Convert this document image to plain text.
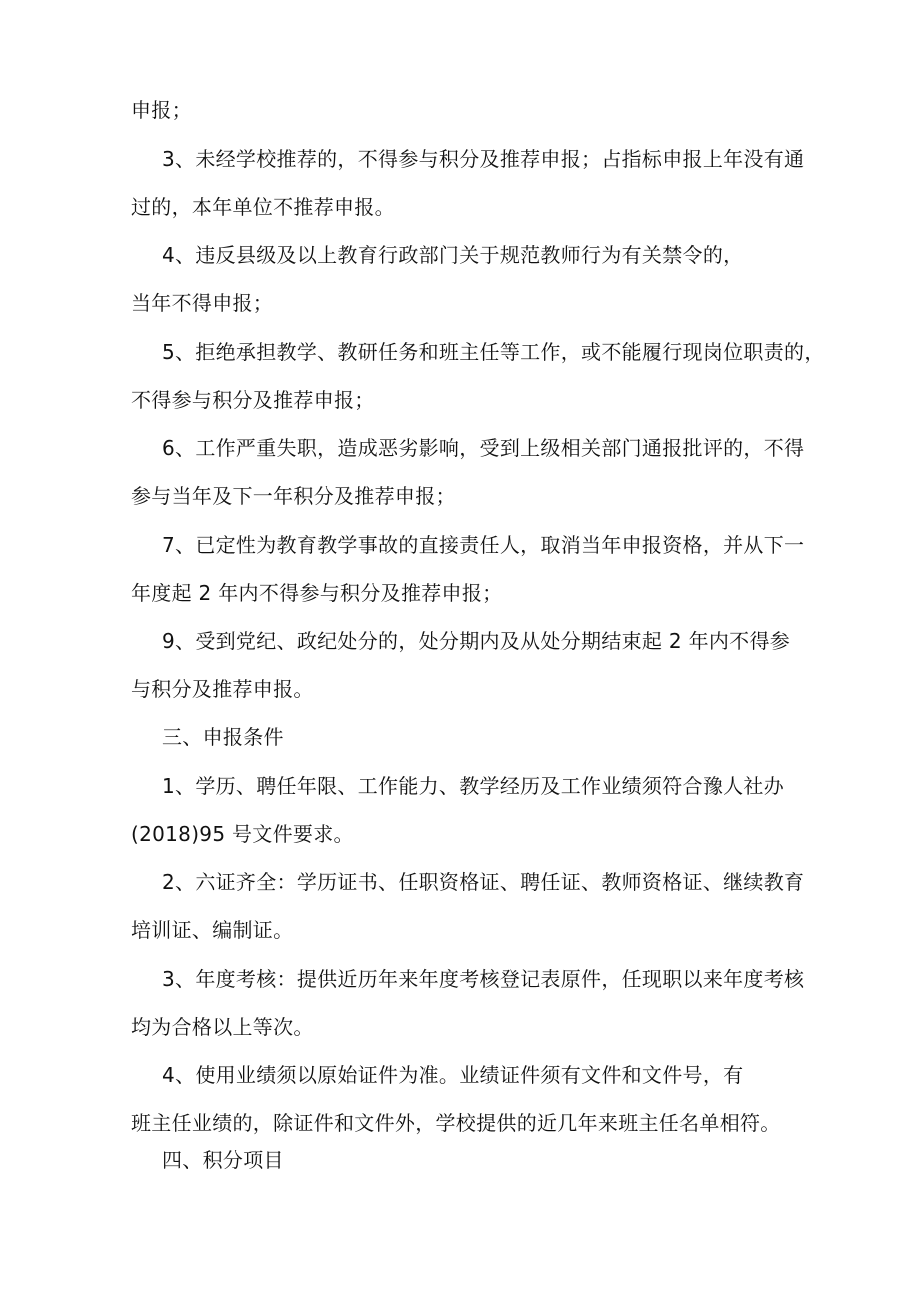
申报；
3、未经学校推荐的，不得参与积分及推荐申报；占指标申报上年没有通
过的，本年单位不推荐申报。
4、违反县级及以上教育行政部门关于规范教师行为有关禁令的，
当年不得申报；
5、拒绝承担教学、教研任务和班主任等工作，或不能履行现岗位职责的，
不得参与积分及推荐申报；
6、工作严重失职，造成恶劣影响，受到上级相关部门通报批评的，不得
参与当年及下一年积分及推荐申报；
7、已定性为教育教学事故的直接责任人，取消当年申报资格，并从下一
年度起 2 年内不得参与积分及推荐申报；
9、受到党纪、政纪处分的，处分期内及从处分期结束起 2 年内不得参
与积分及推荐申报。
三、申报条件
1、学历、聘任年限、工作能力、教学经历及工作业绩须符合豫人社办
(2018)95 号文件要求。
2、六证齐全：学历证书、任职资格证、聘任证、教师资格证、继续教育
培训证、编制证。
3、年度考核：提供近历年来年度考核登记表原件，任现职以来年度考核
均为合格以上等次。
4、使用业绩须以原始证件为准。业绩证件须有文件和文件号，有
班主任业绩的，除证件和文件外，学校提供的近几年来班主任名单相符。
四、积分项目
